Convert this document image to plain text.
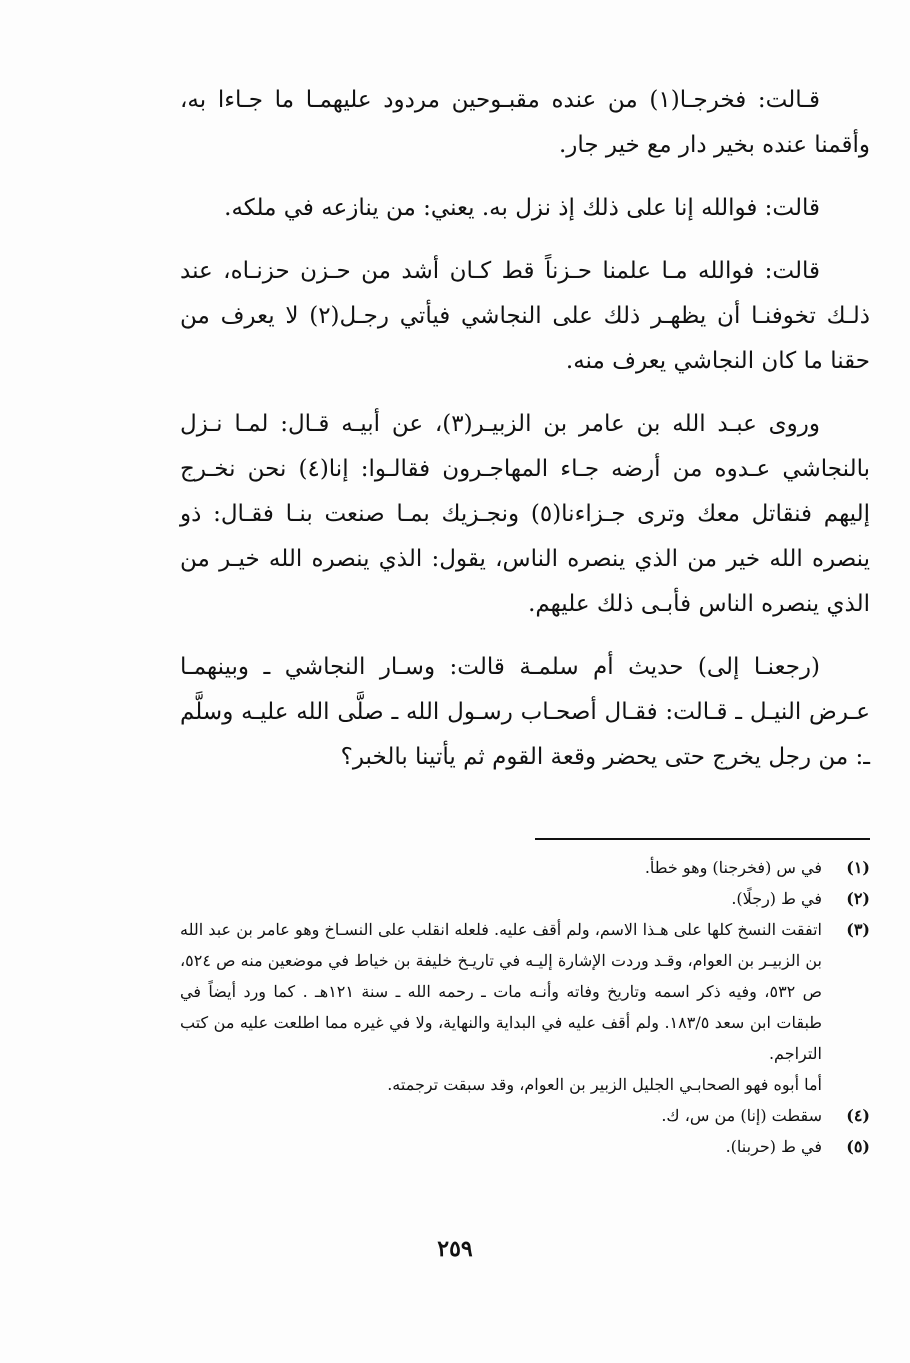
قـالت: فخرجـا(١) من عنده مقبـوحين مردود عليهمـا ما جـاءا به، وأقمنا عنده بخير دار مع خير جار.

قالت: فوالله إنا على ذلك إذ نزل به. يعني: من ينازعه في ملكه.

قالت: فوالله مـا علمنا حـزناً قط كـان أشد من حـزن حزنـاه، عند ذلـك تخوفنـا أن يظهـر ذلك على النجاشي فيأتي رجـل(٢) لا يعرف من حقنا ما كان النجاشي يعرف منه.

وروى عبـد الله بن عامر بن الزبيـر(٣)، عن أبيـه قـال: لمـا نـزل بالنجاشي عـدوه من أرضه جـاء المهاجـرون فقالـوا: إنا(٤) نحن نخـرج إليهم فنقاتل معك وترى جـزاءنا(٥) ونجـزيك بمـا صنعت بنـا فقـال: ذو ينصره الله خير من الذي ينصره الناس، يقول: الذي ينصره الله خيـر من الذي ينصره الناس فأبـى ذلك عليهم.

(رجعنـا إلى) حديث أم سلمـة قالت: وسـار النجاشي ـ وبينهمـا عـرض النيـل ـ قـالت: فقـال أصحـاب رسـول الله ـ صلَّى الله عليـه وسلَّم ـ: من رجل يخرج حتى يحضر وقعة القوم ثم يأتينا بالخبر؟

(١)
في س (فخرجنا) وهو خطأ.
(٢)
في ط (رجلًا).
(٣)
اتفقت النسخ كلها على هـذا الاسم، ولم أقف عليه. فلعله انقلب على النسـاخ وهو عامر بن عبد الله بن الزبيـر بن العوام، وقـد وردت الإشارة إليـه في تاريـخ خليفة بن خياط في موضعين منه ص ٥٢٤، ص ٥٣٢، وفيه ذكر اسمه وتاريخ وفاته وأنـه مات ـ رحمه الله ـ سنة ١٢١هـ . كما ورد أيضاً في طبقات ابن سعد ١٨٣/٥. ولم أقف عليه في البداية والنهاية، ولا في غيره مما اطلعت عليه من كتب التراجم.
أما أبوه فهو الصحابـي الجليل الزبير بن العوام، وقد سبقت ترجمته.
(٤)
سقطت (إنا) من س، ك.
(٥)
في ط (حربنا).
٢٥٩
